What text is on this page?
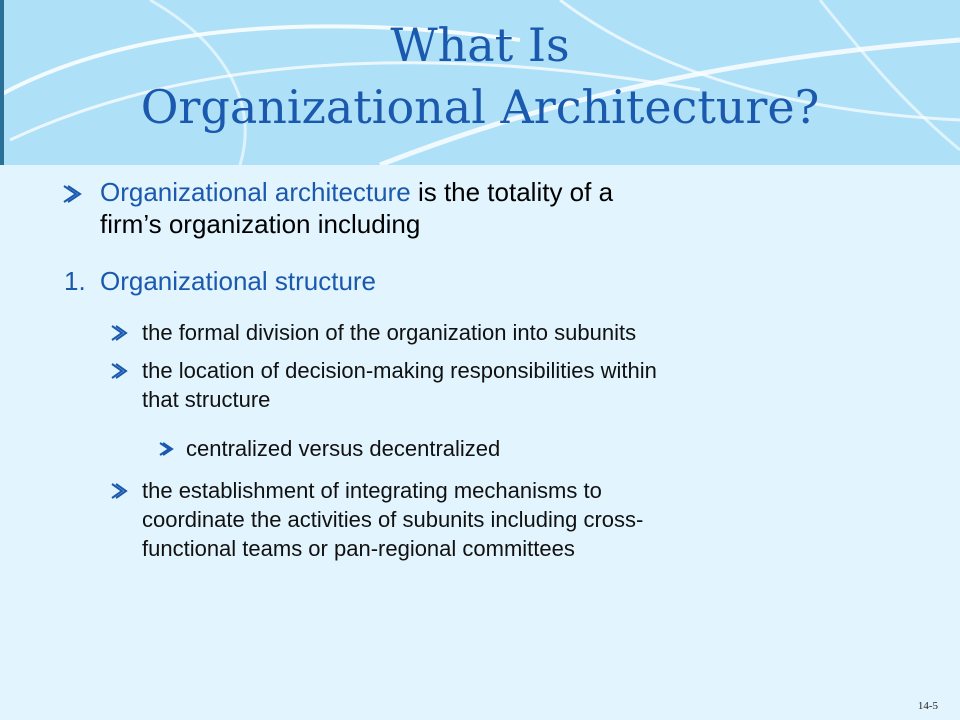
What Is
Organizational Architecture?
Organizational architecture is the totality of a
firm’s organization including
1. Organizational structure
the formal division of the organization into subunits
the location of decision-making responsibilities within
that structure
centralized versus decentralized
the establishment of integrating mechanisms to
coordinate the activities of subunits including cross-
functional teams or pan-regional committees
14-5
